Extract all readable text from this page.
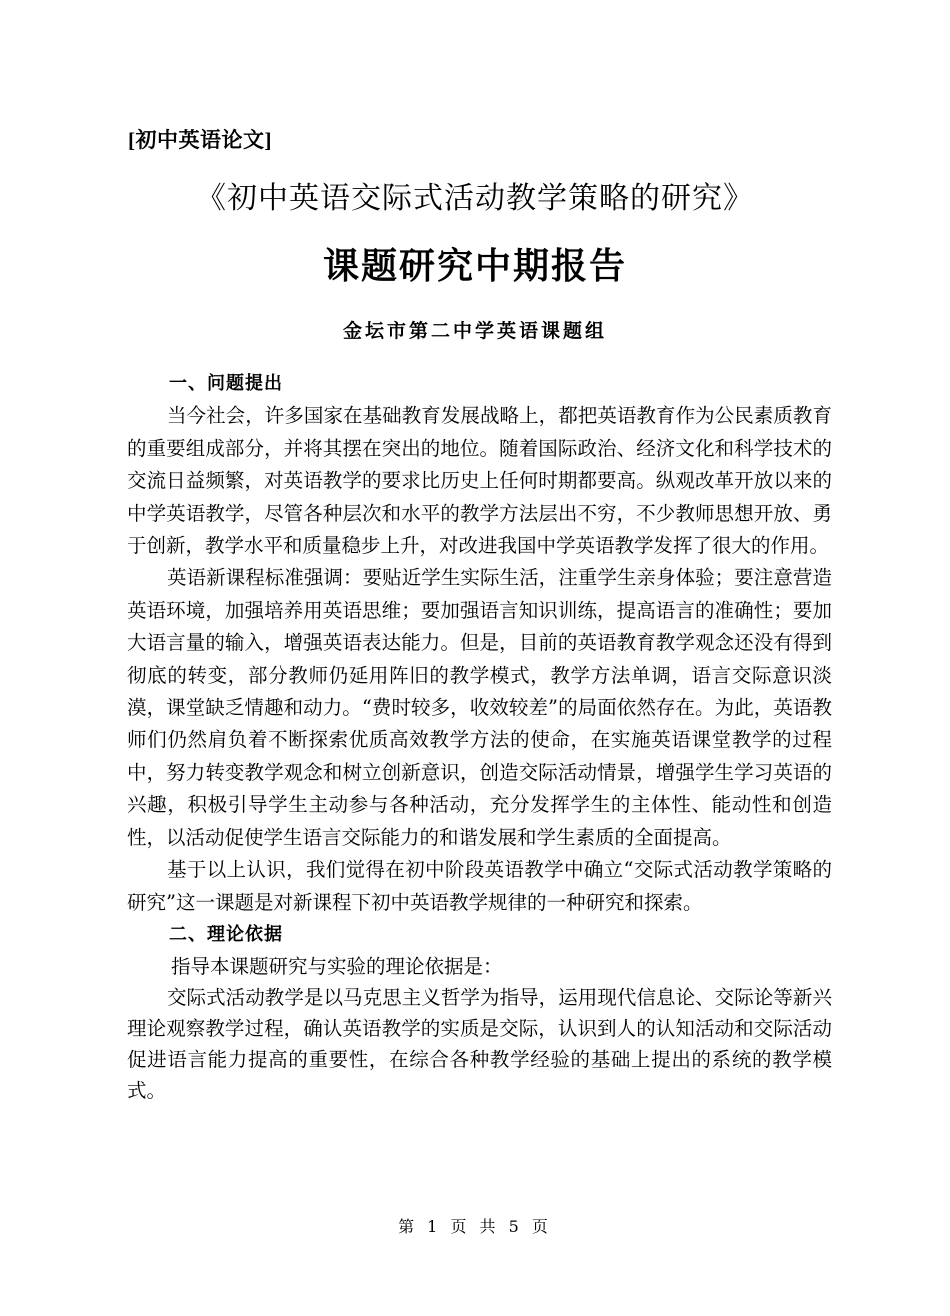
[初中英语论文]
《初中英语交际式活动教学策略的研究》
课题研究中期报告
金坛市第二中学英语课题组

一、问题提出

当今社会，许多国家在基础教育发展战略上，都把英语教育作为公民素质教育的重要组成部分，并将其摆在突出的地位。随着国际政治、经济文化和科学技术的交流日益频繁，对英语教学的要求比历史上任何时期都要高。纵观改革开放以来的中学英语教学，尽管各种层次和水平的教学方法层出不穷，不少教师思想开放、勇于创新，教学水平和质量稳步上升，对改进我国中学英语教学发挥了很大的作用。

英语新课程标准强调：要贴近学生实际生活，注重学生亲身体验；要注意营造英语环境，加强培养用英语思维；要加强语言知识训练，提高语言的准确性；要加大语言量的输入，增强英语表达能力。但是，目前的英语教育教学观念还没有得到彻底的转变，部分教师仍延用阵旧的教学模式，教学方法单调，语言交际意识淡漠，课堂缺乏情趣和动力。“费时较多，收效较差”的局面依然存在。为此，英语教师们仍然肩负着不断探索优质高效教学方法的使命，在实施英语课堂教学的过程中，努力转变教学观念和树立创新意识，创造交际活动情景，增强学生学习英语的兴趣，积极引导学生主动参与各种活动，充分发挥学生的主体性、能动性和创造性，以活动促使学生语言交际能力的和谐发展和学生素质的全面提高。

基于以上认识，我们觉得在初中阶段英语教学中确立“交际式活动教学策略的研究”这一课题是对新课程下初中英语教学规律的一种研究和探索。

二、理论依据

指导本课题研究与实验的理论依据是：

交际式活动教学是以马克思主义哲学为指导，运用现代信息论、交际论等新兴理论观察教学过程，确认英语教学的实质是交际，认识到人的认知活动和交际活动促进语言能力提高的重要性，在综合各种教学经验的基础上提出的系统的教学模式。

第 1 页 共 5 页
